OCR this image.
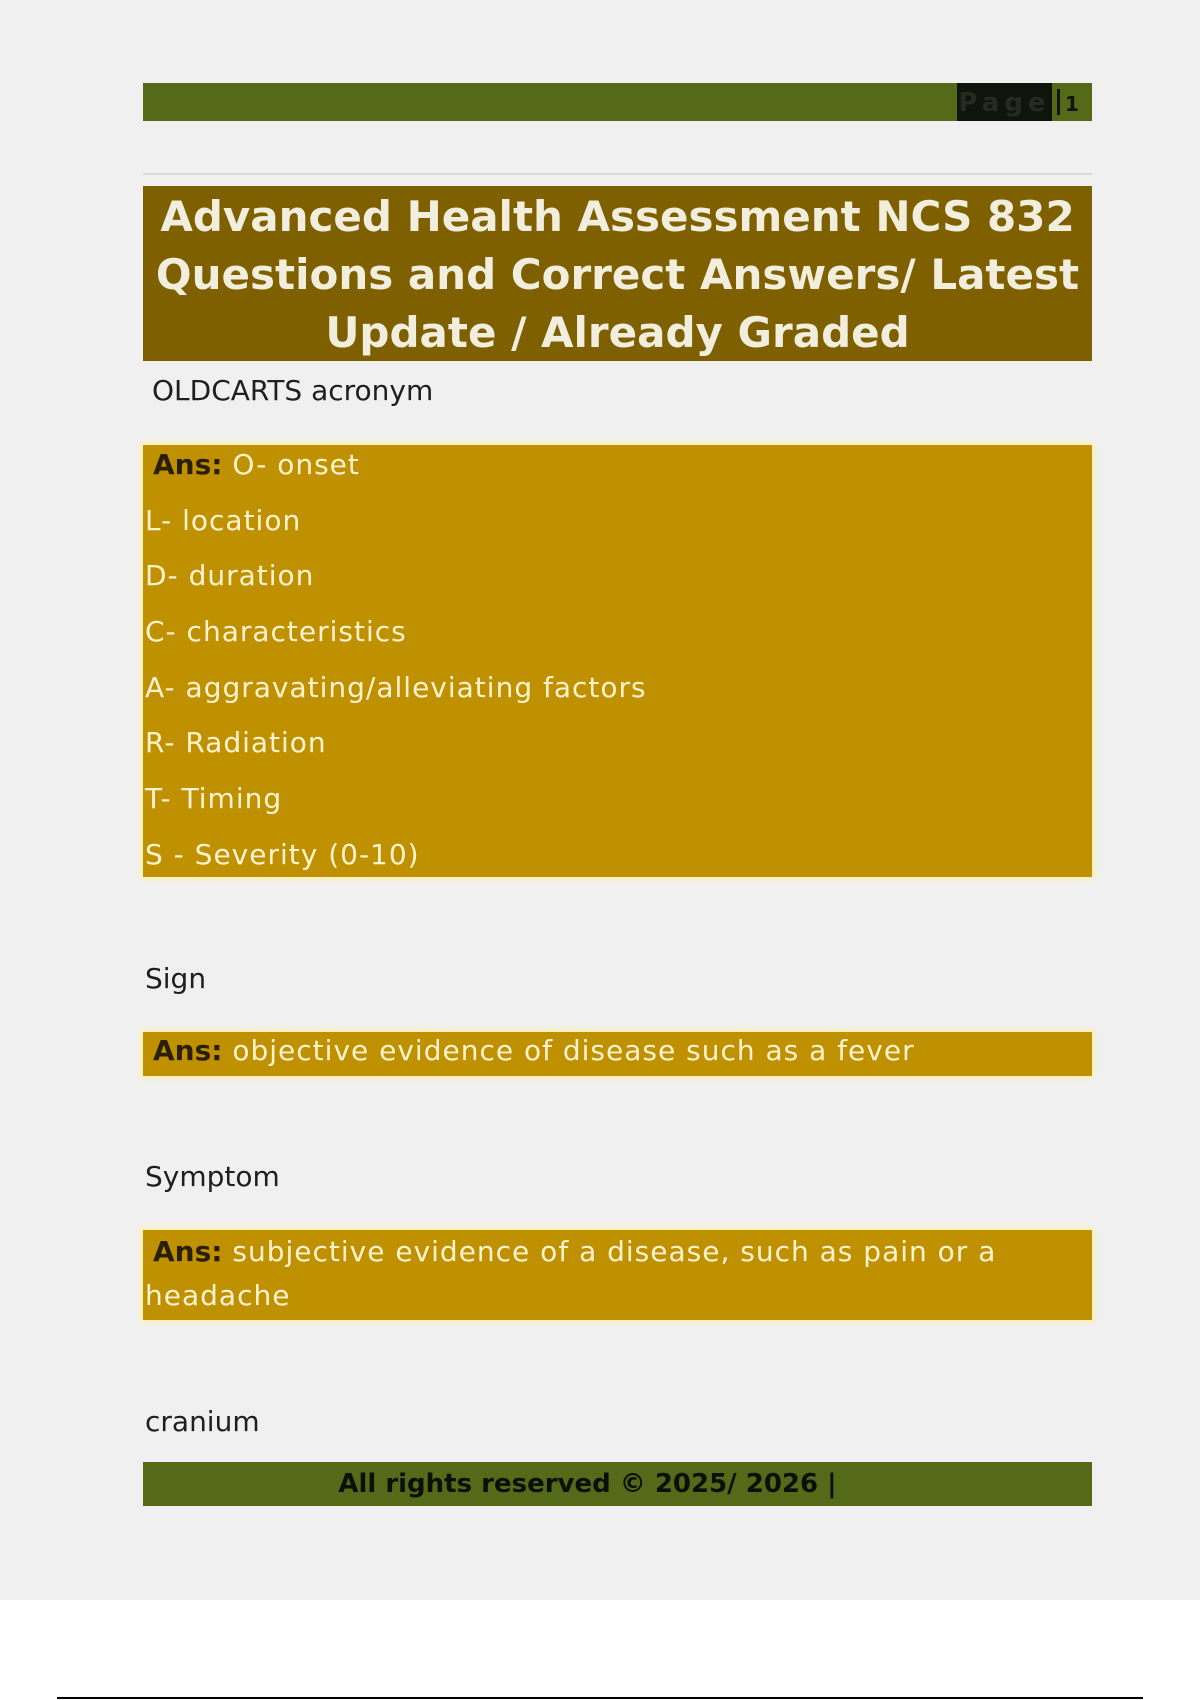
Page 1
Advanced Health Assessment NCS 832
Questions and Correct Answers/ Latest
Update / Already Graded
OLDCARTS acronym
Ans: O- onset
L- location
D- duration
C- characteristics
A- aggravating/alleviating factors
R- Radiation
T- Timing
S - Severity (0-10)
Sign
Ans: objective evidence of disease such as a fever
Symptom
Ans: subjective evidence of a disease, such as pain or a
headache
cranium
All rights reserved © 2025/ 2026 |
